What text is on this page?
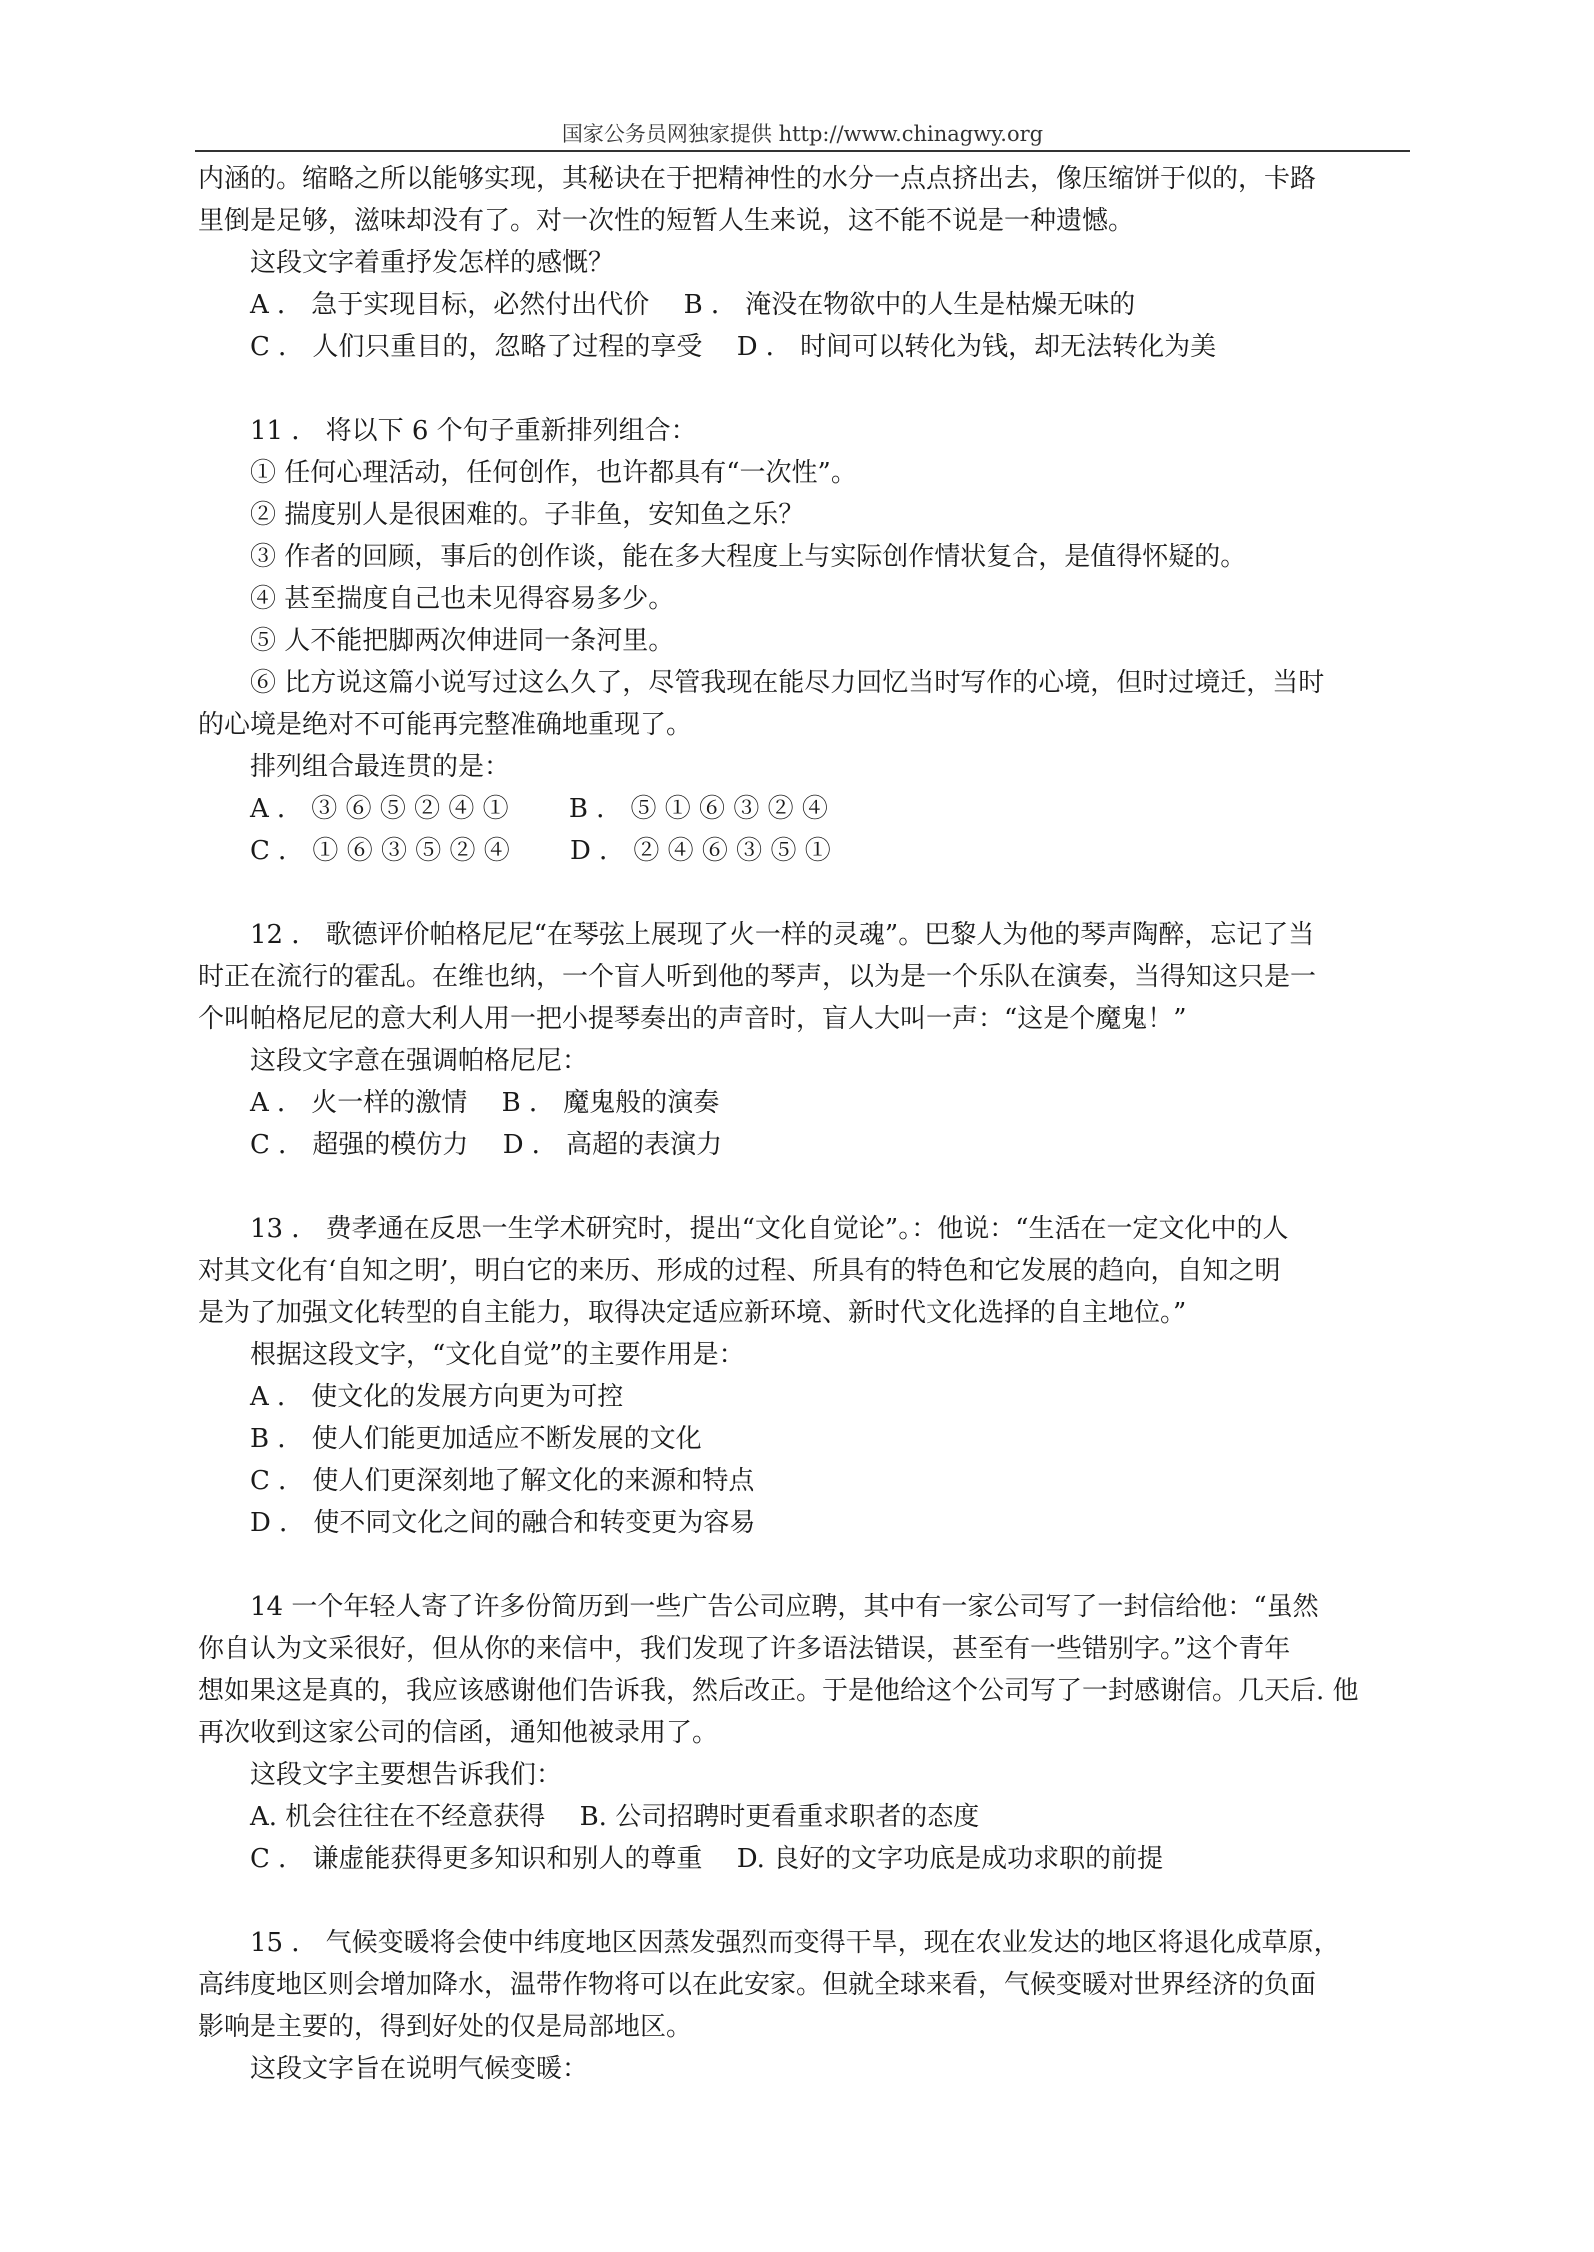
国家公务员网独家提供 http://www.chinagwy.org
内涵的。缩略之所以能够实现，其秘诀在于把精神性的水分一点点挤出去，像压缩饼于似的，卡路
里倒是足够，滋味却没有了。对一次性的短暂人生来说，这不能不说是一种遗憾。
这段文字着重抒发怎样的感慨？
A ． 急于实现目标，必然付出代价　 B ． 淹没在物欲中的人生是枯燥无味的
C ． 人们只重目的，忽略了过程的享受　 D ． 时间可以转化为钱，却无法转化为美
11 ． 将以下 6 个句子重新排列组合：
① 任何心理活动，任何创作，也许都具有“一次性”。
② 揣度别人是很困难的。子非鱼，安知鱼之乐？
③ 作者的回顾，事后的创作谈，能在多大程度上与实际创作情状复合，是值得怀疑的。
④ 甚至揣度自己也未见得容易多少。
⑤ 人不能把脚两次伸进同一条河里。
⑥ 比方说这篇小说写过这么久了，尽管我现在能尽力回忆当时写作的心境，但时过境迁，当时
的心境是绝对不可能再完整准确地重现了。
排列组合最连贯的是：
A ． ③ ⑥ ⑤ ② ④ ①　　 B ． ⑤ ① ⑥ ③ ② ④
C ． ① ⑥ ③ ⑤ ② ④　　 D ． ② ④ ⑥ ③ ⑤ ①
12 ． 歌德评价帕格尼尼“在琴弦上展现了火一样的灵魂”。巴黎人为他的琴声陶醉，忘记了当
时正在流行的霍乱。在维也纳，一个盲人听到他的琴声，以为是一个乐队在演奏，当得知这只是一
个叫帕格尼尼的意大利人用一把小提琴奏出的声音时，盲人大叫一声：“这是个魔鬼！”
这段文字意在强调帕格尼尼：
A ． 火一样的激情　 B ． 魔鬼般的演奏
C ． 超强的模仿力　 D ． 高超的表演力
13 ． 费孝通在反思一生学术研究时，提出“文化自觉论”。：他说：“生活在一定文化中的人
对其文化有‘自知之明’，明白它的来历、形成的过程、所具有的特色和它发展的趋向，自知之明
是为了加强文化转型的自主能力，取得决定适应新环境、新时代文化选择的自主地位。”
根据这段文字，“文化自觉”的主要作用是：
A ． 使文化的发展方向更为可控
B ． 使人们能更加适应不断发展的文化
C ． 使人们更深刻地了解文化的来源和特点
D ． 使不同文化之间的融合和转变更为容易
14 一个年轻人寄了许多份简历到一些广告公司应聘，其中有一家公司写了一封信给他：“虽然
你自认为文采很好，但从你的来信中，我们发现了许多语法错误，甚至有一些错别字。”这个青年
想如果这是真的，我应该感谢他们告诉我，然后改正。于是他给这个公司写了一封感谢信。几天后. 他
再次收到这家公司的信函，通知他被录用了。
这段文字主要想告诉我们：
A. 机会往往在不经意获得　 B. 公司招聘时更看重求职者的态度
C ． 谦虚能获得更多知识和别人的尊重　 D. 良好的文字功底是成功求职的前提
15 ． 气候变暖将会使中纬度地区因蒸发强烈而变得干旱，现在农业发达的地区将退化成草原，
高纬度地区则会增加降水，温带作物将可以在此安家。但就全球来看，气候变暖对世界经济的负面
影响是主要的，得到好处的仅是局部地区。
这段文字旨在说明气候变暖：
